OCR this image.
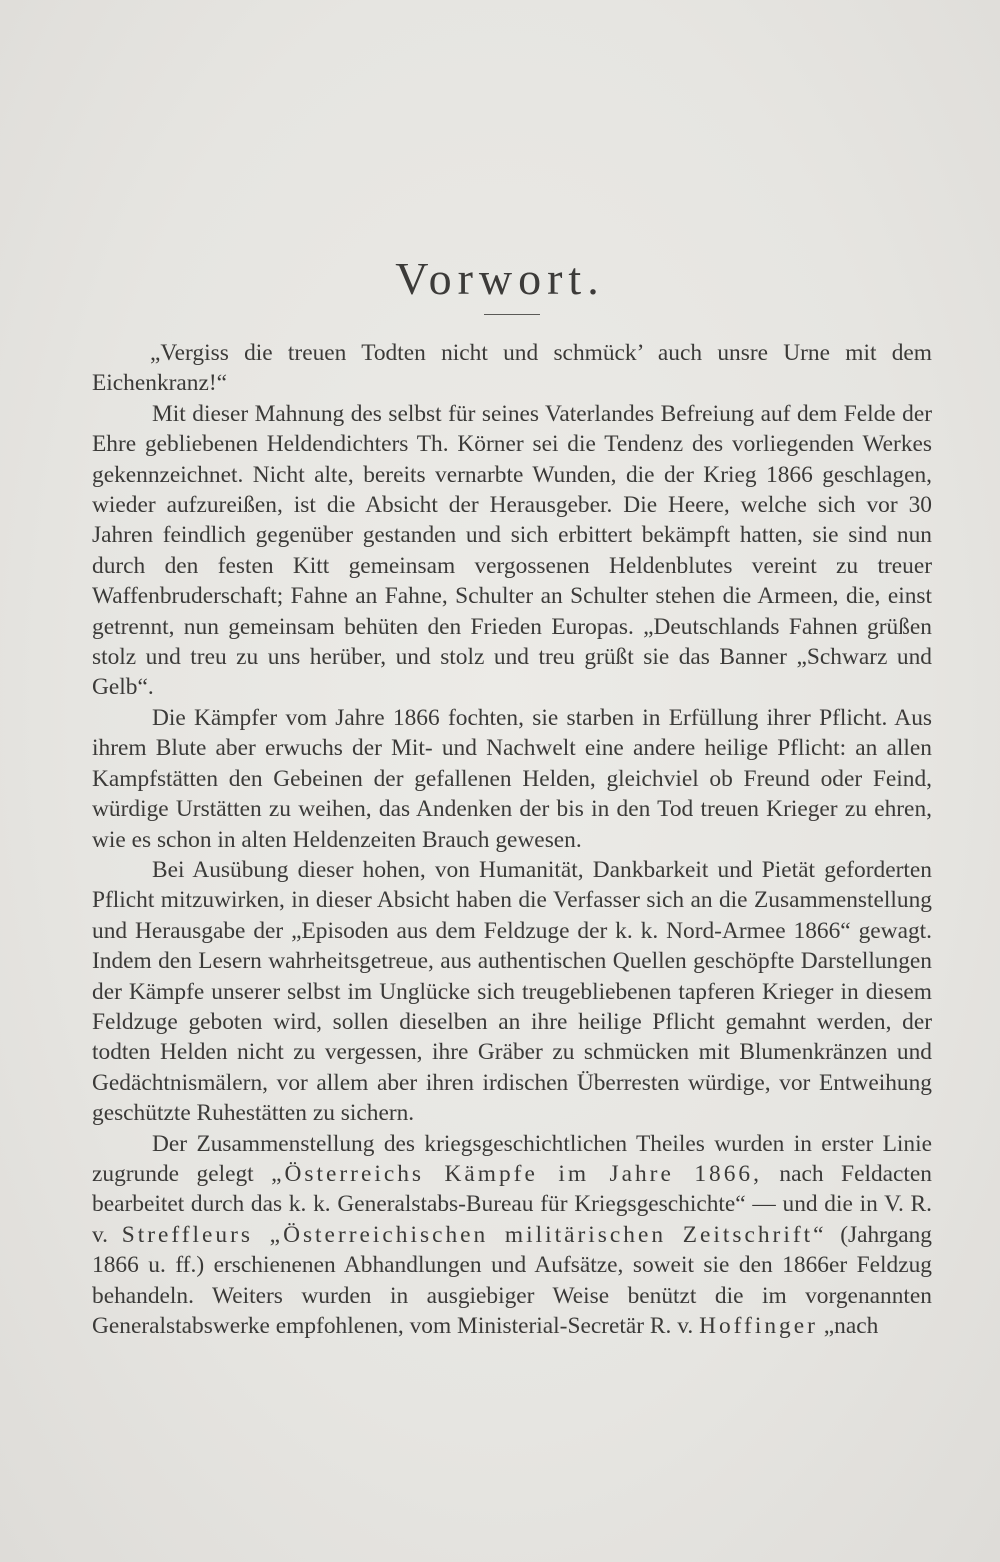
Vorwort.

„Vergiss die treuen Todten nicht und schmück’ auch unsre Urne mit dem Eichenkranz!“

Mit dieser Mahnung des selbst für seines Vaterlandes Befreiung auf dem Felde der Ehre gebliebenen Heldendichters Th. Körner sei die Tendenz des vorliegenden Werkes gekennzeichnet. Nicht alte, bereits vernarbte Wunden, die der Krieg 1866 geschlagen, wieder aufzureißen, ist die Absicht der Herausgeber. Die Heere, welche sich vor 30 Jahren feindlich gegenüber gestanden und sich erbittert bekämpft hatten, sie sind nun durch den festen Kitt gemeinsam vergossenen Heldenblutes vereint zu treuer Waffenbruderschaft; Fahne an Fahne, Schulter an Schulter stehen die Armeen, die, einst getrennt, nun gemeinsam behüten den Frieden Europas. „Deutschlands Fahnen grüßen stolz und treu zu uns herüber, und stolz und treu grüßt sie das Banner „Schwarz und Gelb“.

Die Kämpfer vom Jahre 1866 fochten, sie starben in Erfüllung ihrer Pflicht. Aus ihrem Blute aber erwuchs der Mit- und Nachwelt eine andere heilige Pflicht: an allen Kampfstätten den Gebeinen der gefallenen Helden, gleichviel ob Freund oder Feind, würdige Urstätten zu weihen, das Andenken der bis in den Tod treuen Krieger zu ehren, wie es schon in alten Heldenzeiten Brauch gewesen.

Bei Ausübung dieser hohen, von Humanität, Dankbarkeit und Pietät geforderten Pflicht mitzuwirken, in dieser Absicht haben die Verfasser sich an die Zusammenstellung und Herausgabe der „Episoden aus dem Feldzuge der k. k. Nord-Armee 1866“ gewagt. Indem den Lesern wahrheitsgetreue, aus authentischen Quellen geschöpfte Darstellungen der Kämpfe unserer selbst im Unglücke sich treugebliebenen tapferen Krieger in diesem Feldzuge geboten wird, sollen dieselben an ihre heilige Pflicht gemahnt werden, der todten Helden nicht zu vergessen, ihre Gräber zu schmücken mit Blumenkränzen und Gedächtnismälern, vor allem aber ihren irdischen Überresten würdige, vor Entweihung geschützte Ruhestätten zu sichern.

Der Zusammenstellung des kriegsgeschichtlichen Theiles wurden in erster Linie zugrunde gelegt „Österreichs Kämpfe im Jahre 1866, nach Feldacten bearbeitet durch das k. k. Generalstabs-Bureau für Kriegsgeschichte“ — und die in V. R. v. Streffleurs „Österreichischen militärischen Zeitschrift“ (Jahrgang 1866 u. ff.) erschienenen Abhandlungen und Aufsätze, soweit sie den 1866er Feldzug behandeln. Weiters wurden in ausgiebiger Weise benützt die im vorgenannten Generalstabswerke empfohlenen, vom Ministerial-Secretär R. v. Hoffinger „nach
